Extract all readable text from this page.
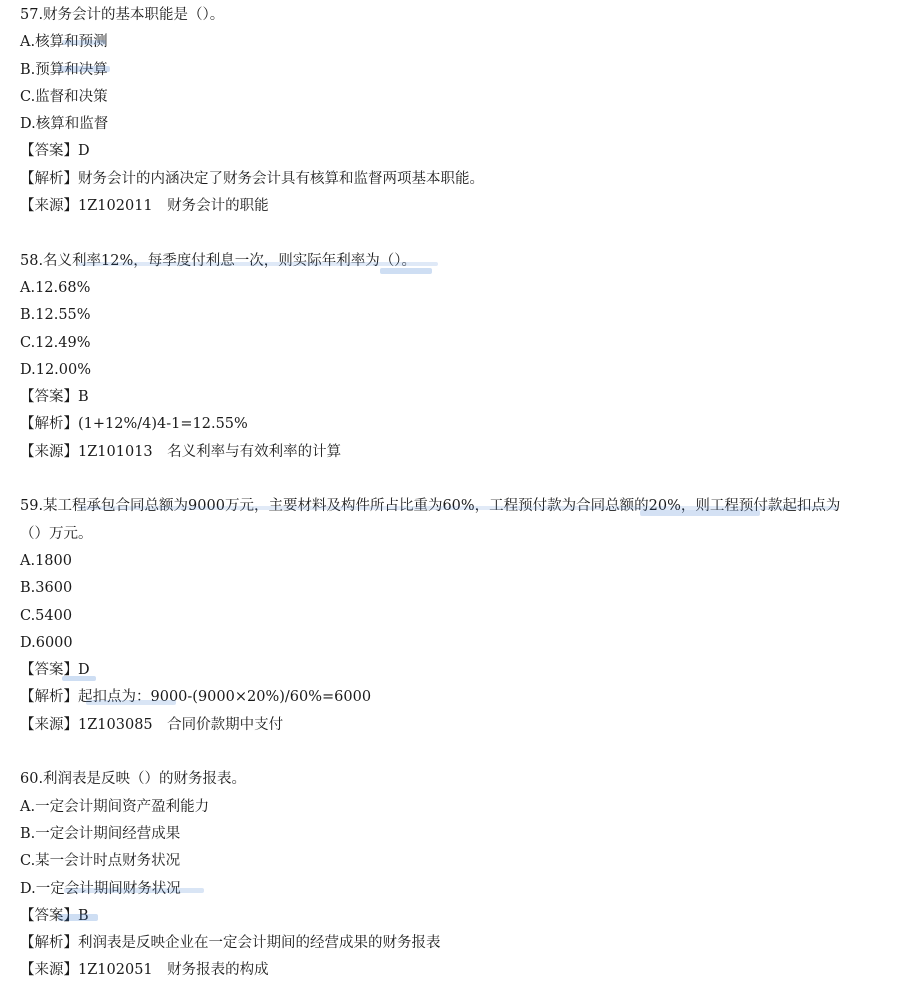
57.财务会计的基本职能是（）。
A.核算和预测
B.预算和决算
C.监督和决策
D.核算和监督
【答案】D
【解析】财务会计的内涵决定了财务会计具有核算和监督两项基本职能。
【来源】1Z102011　财务会计的职能
58.名义利率12%，每季度付利息一次，则实际年利率为（）。
A.12.68%
B.12.55%
C.12.49%
D.12.00%
【答案】B
【解析】(1+12%/4)4-1=12.55%
【来源】1Z101013　名义利率与有效利率的计算
59.某工程承包合同总额为9000万元，主要材料及构件所占比重为60%，工程预付款为合同总额的20%，则工程预付款起扣点为（）万元。
A.1800
B.3600
C.5400
D.6000
【答案】D
【解析】起扣点为：9000-(9000×20%)/60%=6000
【来源】1Z103085　合同价款期中支付
60.利润表是反映（）的财务报表。
A.一定会计期间资产盈利能力
B.一定会计期间经营成果
C.某一会计时点财务状况
D.一定会计期间财务状况
【答案】B
【解析】利润表是反映企业在一定会计期间的经营成果的财务报表
【来源】1Z102051　财务报表的构成
